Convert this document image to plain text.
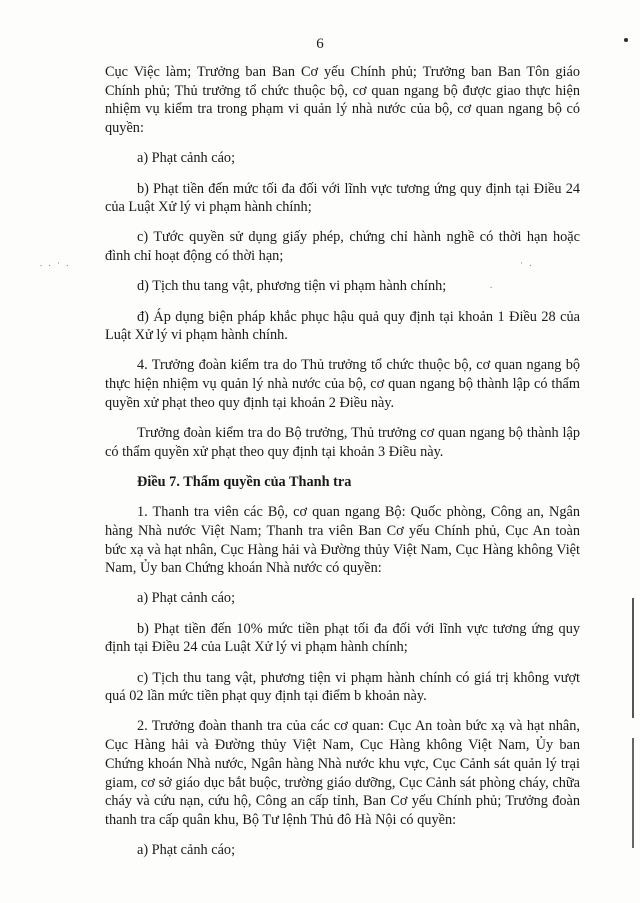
6
. . · .	· .
.

Cục Việc làm; Trưởng ban Ban Cơ yếu Chính phủ; Trưởng ban Ban Tôn giáo Chính phủ; Thủ trưởng tổ chức thuộc bộ, cơ quan ngang bộ được giao thực hiện nhiệm vụ kiểm tra trong phạm vi quản lý nhà nước của bộ, cơ quan ngang bộ có quyền:

a) Phạt cảnh cáo;

b) Phạt tiền đến mức tối đa đối với lĩnh vực tương ứng quy định tại Điều 24 của Luật Xử lý vi phạm hành chính;

c) Tước quyền sử dụng giấy phép, chứng chỉ hành nghề có thời hạn hoặc đình chỉ hoạt động có thời hạn;

d) Tịch thu tang vật, phương tiện vi phạm hành chính;

đ) Áp dụng biện pháp khắc phục hậu quả quy định tại khoản 1 Điều 28 của Luật Xử lý vi phạm hành chính.

4. Trưởng đoàn kiểm tra do Thủ trưởng tổ chức thuộc bộ, cơ quan ngang bộ thực hiện nhiệm vụ quản lý nhà nước của bộ, cơ quan ngang bộ thành lập có thẩm quyền xử phạt theo quy định tại khoản 2 Điều này.

Trưởng đoàn kiểm tra do Bộ trưởng, Thủ trưởng cơ quan ngang bộ thành lập có thẩm quyền xử phạt theo quy định tại khoản 3 Điều này.

Điều 7. Thẩm quyền của Thanh tra

1. Thanh tra viên các Bộ, cơ quan ngang Bộ: Quốc phòng, Công an, Ngân hàng Nhà nước Việt Nam; Thanh tra viên Ban Cơ yếu Chính phủ, Cục An toàn bức xạ và hạt nhân, Cục Hàng hải và Đường thủy Việt Nam, Cục Hàng không Việt Nam, Ủy ban Chứng khoán Nhà nước có quyền:

a) Phạt cảnh cáo;

b) Phạt tiền đến 10% mức tiền phạt tối đa đối với lĩnh vực tương ứng quy định tại Điều 24 của Luật Xử lý vi phạm hành chính;

c) Tịch thu tang vật, phương tiện vi phạm hành chính có giá trị không vượt quá 02 lần mức tiền phạt quy định tại điểm b khoản này.

2. Trưởng đoàn thanh tra của các cơ quan: Cục An toàn bức xạ và hạt nhân, Cục Hàng hải và Đường thủy Việt Nam, Cục Hàng không Việt Nam, Ủy ban Chứng khoán Nhà nước, Ngân hàng Nhà nước khu vực, Cục Cảnh sát quản lý trại giam, cơ sở giáo dục bắt buộc, trường giáo dưỡng, Cục Cảnh sát phòng cháy, chữa cháy và cứu nạn, cứu hộ, Công an cấp tỉnh, Ban Cơ yếu Chính phủ; Trưởng đoàn thanh tra cấp quân khu, Bộ Tư lệnh Thủ đô Hà Nội có quyền:

a) Phạt cảnh cáo;
